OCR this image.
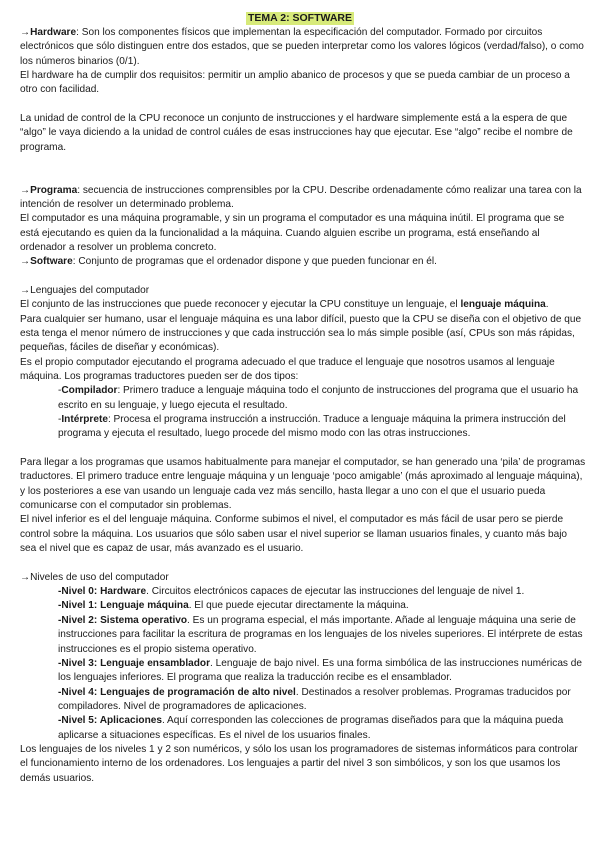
TEMA 2: SOFTWARE

→Hardware: Son los componentes físicos que implementan la especificación del computador. Formado por circuitos electrónicos que sólo distinguen entre dos estados, que se pueden interpretar como los valores lógicos (verdad/falso), o como los números binarios (0/1).

El hardware ha de cumplir dos requisitos: permitir un amplio abanico de procesos y que se pueda cambiar de un proceso a otro con facilidad.

La unidad de control de la CPU reconoce un conjunto de instrucciones y el hardware simplemente está a la espera de que “algo” le vaya diciendo a la unidad de control cuáles de esas instrucciones hay que ejecutar. Ese “algo” recibe el nombre de programa.

→Programa: secuencia de instrucciones comprensibles por la CPU. Describe ordenadamente cómo realizar una tarea con la intención de resolver un determinado problema.

El computador es una máquina programable, y sin un programa el computador es una máquina inútil. El programa que se está ejecutando es quien da la funcionalidad a la máquina. Cuando alguien escribe un programa, está enseñando al ordenador a resolver un problema concreto.

→Software: Conjunto de programas que el ordenador dispone y que pueden funcionar en él.

→Lenguajes del computador

El conjunto de las instrucciones que puede reconocer y ejecutar la CPU constituye un lenguaje, el lenguaje máquina.

Para cualquier ser humano, usar el lenguaje máquina es una labor difícil, puesto que la CPU se diseña con el objetivo de que esta tenga el menor número de instrucciones y que cada instrucción sea lo más simple posible (así, CPUs son más rápidas, pequeñas, fáciles de diseñar y económicas).

Es el propio computador ejecutando el programa adecuado el que traduce el lenguaje que nosotros usamos al lenguaje máquina. Los programas traductores pueden ser de dos tipos:

-Compilador: Primero traduce a lenguaje máquina todo el conjunto de instrucciones del programa que el usuario ha escrito en su lenguaje, y luego ejecuta el resultado.

-Intérprete: Procesa el programa instrucción a instrucción. Traduce a lenguaje máquina la primera instrucción del programa y ejecuta el resultado, luego procede del mismo modo con las otras instrucciones.

Para llegar a los programas que usamos habitualmente para manejar el computador, se han generado una ‘pila’ de programas traductores. El primero traduce entre lenguaje máquina y un lenguaje ‘poco amigable’ (más aproximado al lenguaje máquina), y los posteriores a ese van usando un lenguaje cada vez más sencillo, hasta llegar a uno con el que el usuario pueda comunicarse con el computador sin problemas.

El nivel inferior es el del lenguaje máquina. Conforme subimos el nivel, el computador es más fácil de usar pero se pierde control sobre la máquina. Los usuarios que sólo saben usar el nivel superior se llaman usuarios finales, y cuanto más bajo sea el nivel que es capaz de usar, más avanzado es el usuario.

→Niveles de uso del computador

-Nivel 0: Hardware. Circuitos electrónicos capaces de ejecutar las instrucciones del lenguaje de nivel 1.

-Nivel 1: Lenguaje máquina. El que puede ejecutar directamente la máquina.

-Nivel 2: Sistema operativo. Es un programa especial, el más importante. Añade al lenguaje máquina una serie de instrucciones para facilitar la escritura de programas en los lenguajes de los niveles superiores. El intérprete de estas instrucciones es el propio sistema operativo.

-Nivel 3: Lenguaje ensamblador. Lenguaje de bajo nivel. Es una forma simbólica de las instrucciones numéricas de los lenguajes inferiores. El programa que realiza la traducción recibe es el ensamblador.

-Nivel 4: Lenguajes de programación de alto nivel. Destinados a resolver problemas. Programas traducidos por compiladores. Nivel de programadores de aplicaciones.

-Nivel 5: Aplicaciones. Aquí corresponden las colecciones de programas diseñados para que la máquina pueda aplicarse a situaciones específicas. Es el nivel de los usuarios finales.

Los lenguajes de los niveles 1 y 2 son numéricos, y sólo los usan los programadores de sistemas informáticos para controlar el funcionamiento interno de los ordenadores. Los lenguajes a partir del nivel 3 son simbólicos, y son los que usamos los demás usuarios.
